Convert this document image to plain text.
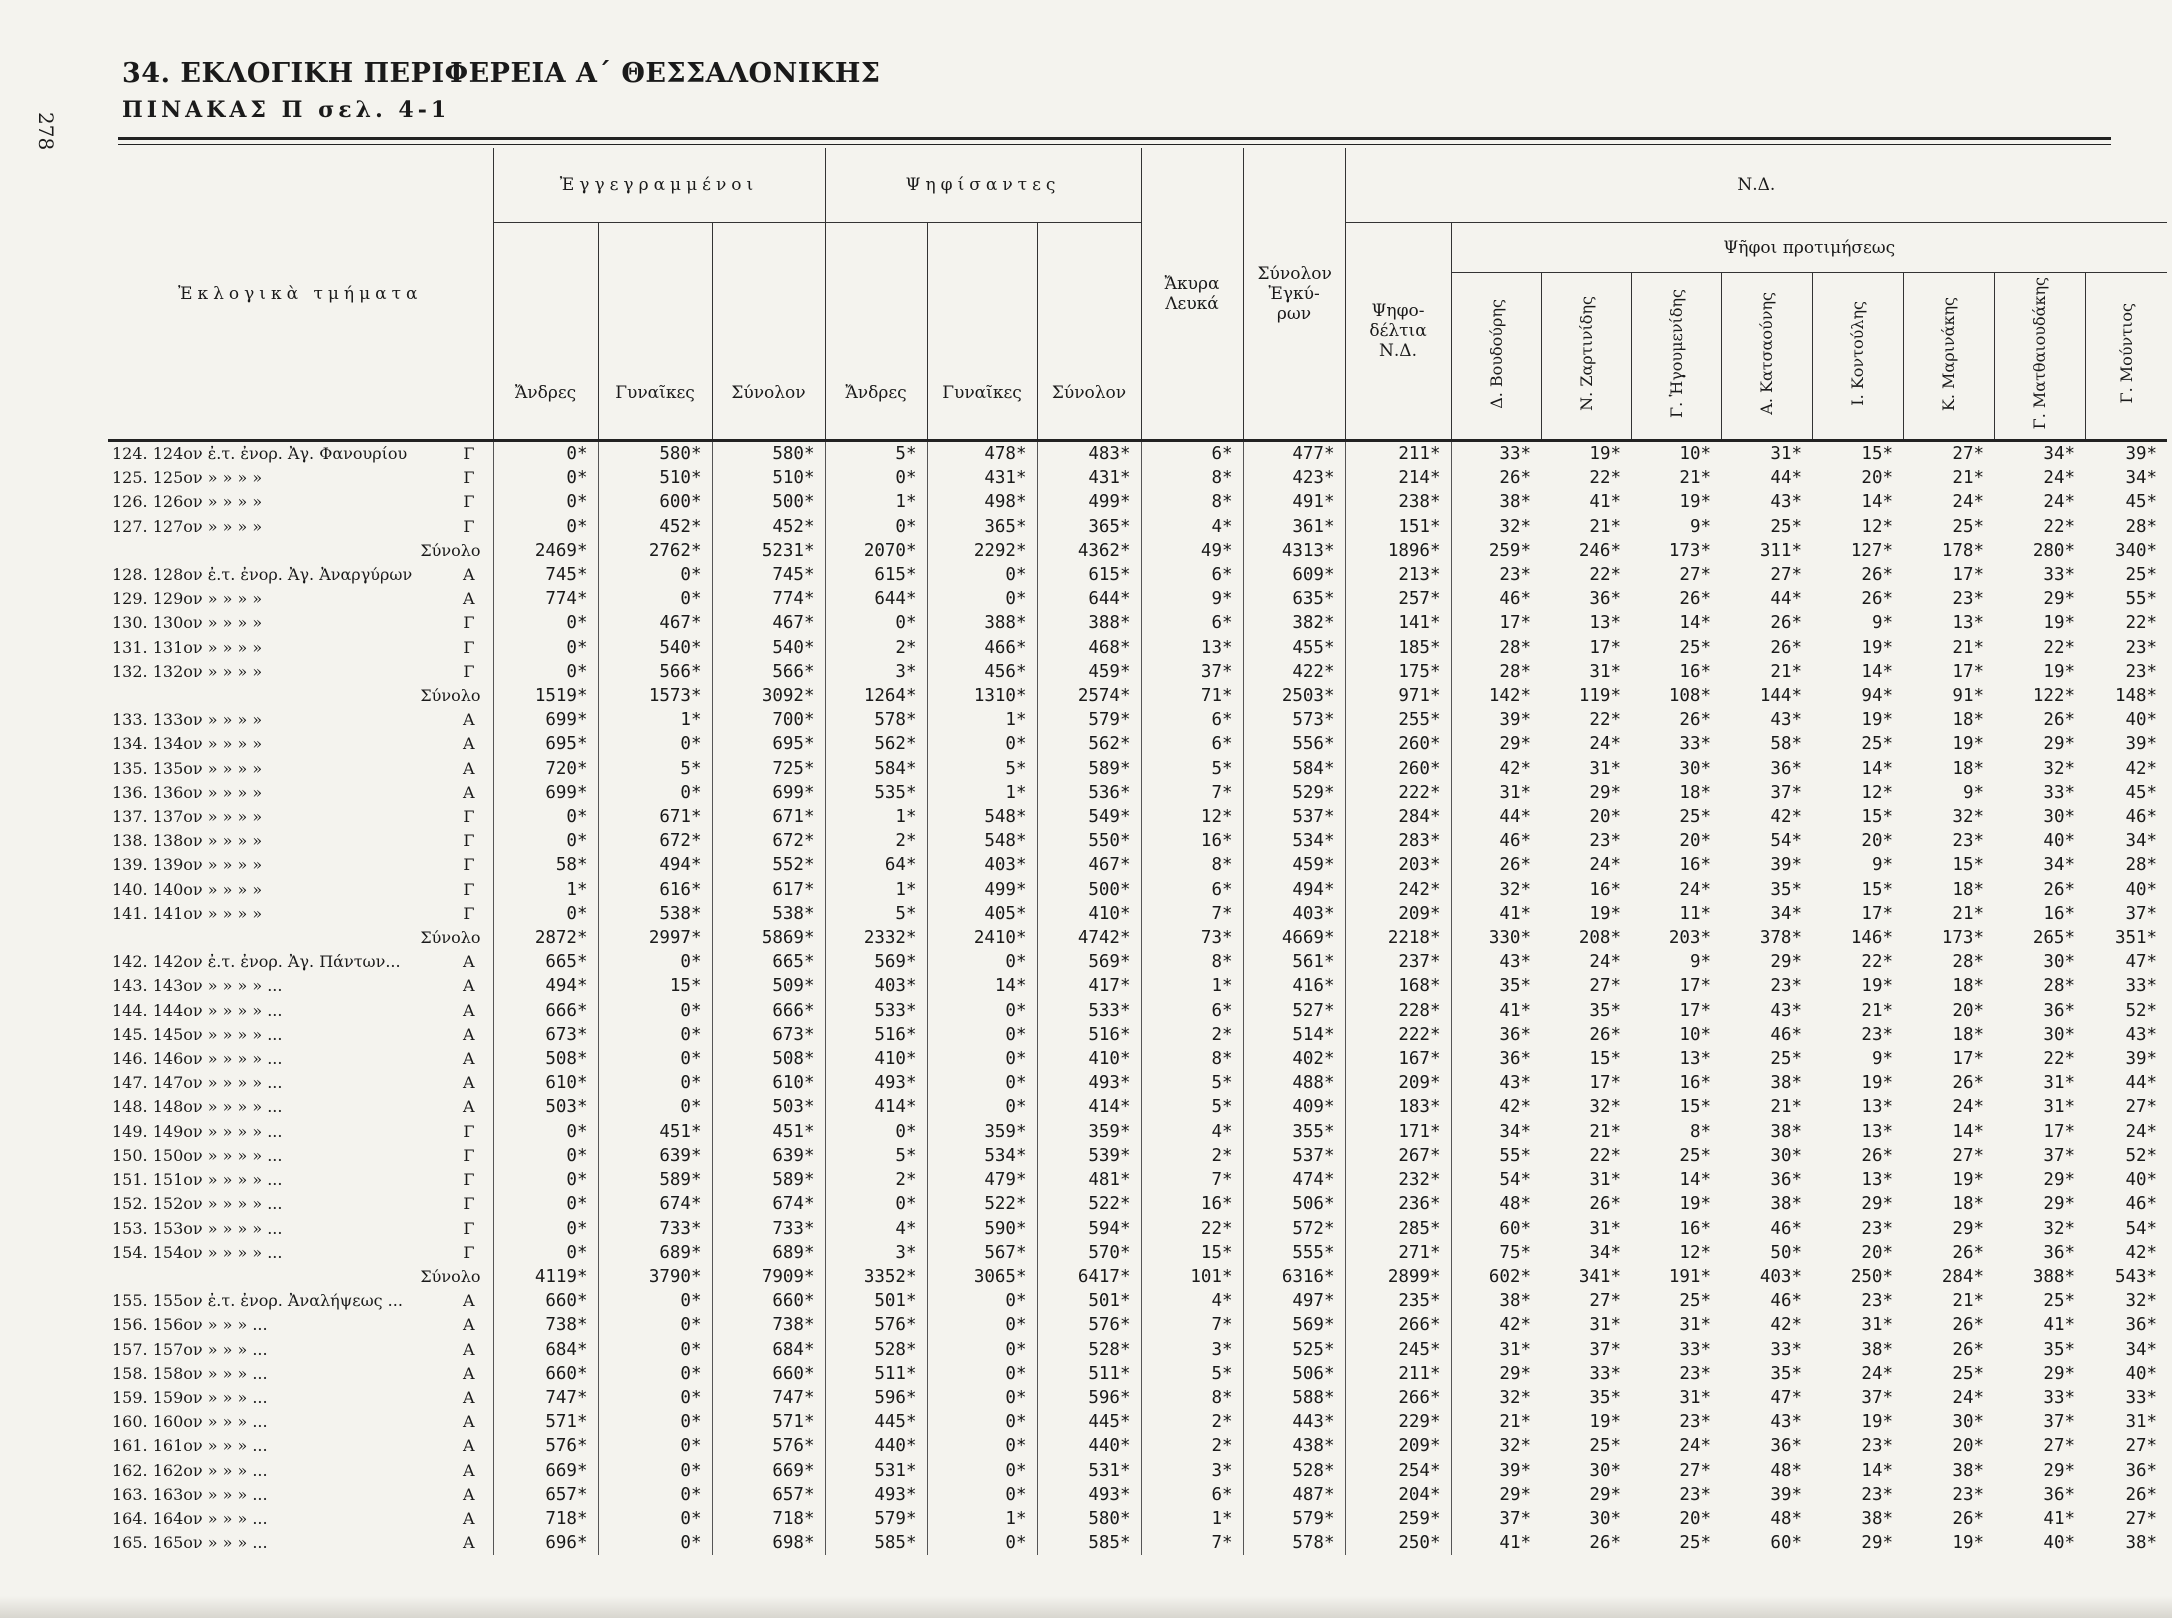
278
34. ΕΚΛΟΓΙΚΗ ΠΕΡΙΦΕΡΕΙΑ Α΄ ΘΕΣΣΑΛΟΝΙΚΗΣ
ΠΙΝΑΚΑΣ Π σελ. 4-1
Ἐκλογικὰ τμήματα	Ἐγγεγραμμένοι			Ψηφίσαντες			Ἄκυρα Λευκά	Σύνολον Ἐγκύ-ρων	Ν.Δ.								
	Ἄνδρες	Γυναῖκες	Σύνολον	Ἄνδρες	Γυναῖκες	Σύνολον			Ψηφο-δέλτια Ν.Δ.	Ψῆφοι προτιμήσεως							
										Δ. Βουδούρης	Ν. Ζαρτινίδης	Γ. Ἡγουμενίδης	Α. Κατσαούνης	Ι. Κοντούλης	Κ. Μαρινάκης	Γ. Ματθαιουδάκης	Γ. Μούντιος
124. 124ον ἐ.τ. ἐνορ. Ἀγ. Φανουρίου Γ	0*	580*	580*	5*	478*	483*	6*	477*	211*	33*	19*	10*	31*	15*	27*	34*	39*
125. 125ον » » » » Γ	0*	510*	510*	0*	431*	431*	8*	423*	214*	26*	22*	21*	44*	20*	21*	24*	34*
126. 126ον » » » » Γ	0*	600*	500*	1*	498*	499*	8*	491*	238*	38*	41*	19*	43*	14*	24*	24*	45*
127. 127ον » » » » Γ	0*	452*	452*	0*	365*	365*	4*	361*	151*	32*	21*	9*	25*	12*	25*	22*	28*
Σύνολο	2469*	2762*	5231*	2070*	2292*	4362*	49*	4313*	1896*	259*	246*	173*	311*	127*	178*	280*	340*
128. 128ον ἐ.τ. ἐνορ. Ἀγ. Ἀναργύρων Α	745*	0*	745*	615*	0*	615*	6*	609*	213*	23*	22*	27*	27*	26*	17*	33*	25*
129. 129ον » » » » Α	774*	0*	774*	644*	0*	644*	9*	635*	257*	46*	36*	26*	44*	26*	23*	29*	55*
130. 130ον » » » » Γ	0*	467*	467*	0*	388*	388*	6*	382*	141*	17*	13*	14*	26*	9*	13*	19*	22*
131. 131ον » » » » Γ	0*	540*	540*	2*	466*	468*	13*	455*	185*	28*	17*	25*	26*	19*	21*	22*	23*
132. 132ον » » » » Γ	0*	566*	566*	3*	456*	459*	37*	422*	175*	28*	31*	16*	21*	14*	17*	19*	23*
Σύνολο	1519*	1573*	3092*	1264*	1310*	2574*	71*	2503*	971*	142*	119*	108*	144*	94*	91*	122*	148*
133. 133ον » » » » Α	699*	1*	700*	578*	1*	579*	6*	573*	255*	39*	22*	26*	43*	19*	18*	26*	40*
134. 134ον » » » » Α	695*	0*	695*	562*	0*	562*	6*	556*	260*	29*	24*	33*	58*	25*	19*	29*	39*
135. 135ον » » » » Α	720*	5*	725*	584*	5*	589*	5*	584*	260*	42*	31*	30*	36*	14*	18*	32*	42*
136. 136ον » » » » Α	699*	0*	699*	535*	1*	536*	7*	529*	222*	31*	29*	18*	37*	12*	9*	33*	45*
137. 137ον » » » » Γ	0*	671*	671*	1*	548*	549*	12*	537*	284*	44*	20*	25*	42*	15*	32*	30*	46*
138. 138ον » » » » Γ	0*	672*	672*	2*	548*	550*	16*	534*	283*	46*	23*	20*	54*	20*	23*	40*	34*
139. 139ον » » » » Γ	58*	494*	552*	64*	403*	467*	8*	459*	203*	26*	24*	16*	39*	9*	15*	34*	28*
140. 140ον » » » » Γ	1*	616*	617*	1*	499*	500*	6*	494*	242*	32*	16*	24*	35*	15*	18*	26*	40*
141. 141ον » » » » Γ	0*	538*	538*	5*	405*	410*	7*	403*	209*	41*	19*	11*	34*	17*	21*	16*	37*
Σύνολο	2872*	2997*	5869*	2332*	2410*	4742*	73*	4669*	2218*	330*	208*	203*	378*	146*	173*	265*	351*
142. 142ον ἐ.τ. ἐνορ. Ἀγ. Πάντων... Α	665*	0*	665*	569*	0*	569*	8*	561*	237*	43*	24*	9*	29*	22*	28*	30*	47*
143. 143ον » » » » ... Α	494*	15*	509*	403*	14*	417*	1*	416*	168*	35*	27*	17*	23*	19*	18*	28*	33*
144. 144ον » » » » ... Α	666*	0*	666*	533*	0*	533*	6*	527*	228*	41*	35*	17*	43*	21*	20*	36*	52*
145. 145ον » » » » ... Α	673*	0*	673*	516*	0*	516*	2*	514*	222*	36*	26*	10*	46*	23*	18*	30*	43*
146. 146ον » » » » ... Α	508*	0*	508*	410*	0*	410*	8*	402*	167*	36*	15*	13*	25*	9*	17*	22*	39*
147. 147ον » » » » ... Α	610*	0*	610*	493*	0*	493*	5*	488*	209*	43*	17*	16*	38*	19*	26*	31*	44*
148. 148ον » » » » ... Α	503*	0*	503*	414*	0*	414*	5*	409*	183*	42*	32*	15*	21*	13*	24*	31*	27*
149. 149ον » » » » ... Γ	0*	451*	451*	0*	359*	359*	4*	355*	171*	34*	21*	8*	38*	13*	14*	17*	24*
150. 150ον » » » » ... Γ	0*	639*	639*	5*	534*	539*	2*	537*	267*	55*	22*	25*	30*	26*	27*	37*	52*
151. 151ον » » » » ... Γ	0*	589*	589*	2*	479*	481*	7*	474*	232*	54*	31*	14*	36*	13*	19*	29*	40*
152. 152ον » » » » ... Γ	0*	674*	674*	0*	522*	522*	16*	506*	236*	48*	26*	19*	38*	29*	18*	29*	46*
153. 153ον » » » » ... Γ	0*	733*	733*	4*	590*	594*	22*	572*	285*	60*	31*	16*	46*	23*	29*	32*	54*
154. 154ον » » » » ... Γ	0*	689*	689*	3*	567*	570*	15*	555*	271*	75*	34*	12*	50*	20*	26*	36*	42*
Σύνολο	4119*	3790*	7909*	3352*	3065*	6417*	101*	6316*	2899*	602*	341*	191*	403*	250*	284*	388*	543*
155. 155ον ἐ.τ. ἐνορ. Ἀναλήψεως ... Α	660*	0*	660*	501*	0*	501*	4*	497*	235*	38*	27*	25*	46*	23*	21*	25*	32*
156. 156ον » » » ... Α	738*	0*	738*	576*	0*	576*	7*	569*	266*	42*	31*	31*	42*	31*	26*	41*	36*
157. 157ον » » » ... Α	684*	0*	684*	528*	0*	528*	3*	525*	245*	31*	37*	33*	33*	38*	26*	35*	34*
158. 158ον » » » ... Α	660*	0*	660*	511*	0*	511*	5*	506*	211*	29*	33*	23*	35*	24*	25*	29*	40*
159. 159ον » » » ... Α	747*	0*	747*	596*	0*	596*	8*	588*	266*	32*	35*	31*	47*	37*	24*	33*	33*
160. 160ον » » » ... Α	571*	0*	571*	445*	0*	445*	2*	443*	229*	21*	19*	23*	43*	19*	30*	37*	31*
161. 161ον » » » ... Α	576*	0*	576*	440*	0*	440*	2*	438*	209*	32*	25*	24*	36*	23*	20*	27*	27*
162. 162ον » » » ... Α	669*	0*	669*	531*	0*	531*	3*	528*	254*	39*	30*	27*	48*	14*	38*	29*	36*
163. 163ον » » » ... Α	657*	0*	657*	493*	0*	493*	6*	487*	204*	29*	29*	23*	39*	23*	23*	36*	26*
164. 164ον » » » ... Α	718*	0*	718*	579*	1*	580*	1*	579*	259*	37*	30*	20*	48*	38*	26*	41*	27*
165. 165ον » » » ... Α	696*	0*	698*	585*	0*	585*	7*	578*	250*	41*	26*	25*	60*	29*	19*	40*	38*
